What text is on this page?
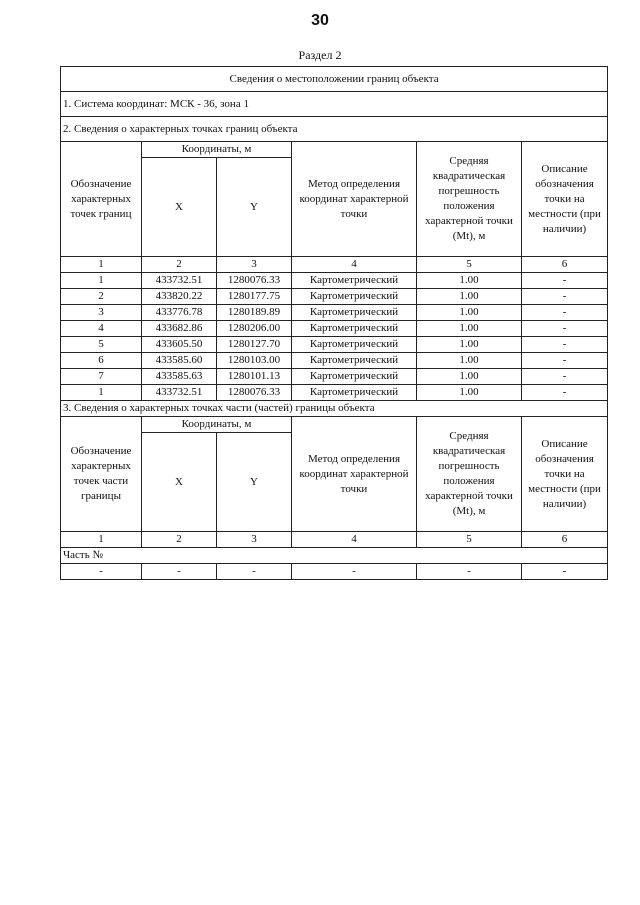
30
Раздел 2
Сведения о местоположении границ объекта					
1. Система координат: МСК - 36, зона 1					
2. Сведения о характерных точках границ объекта					
Обозначение характерных точек границ	Координаты, м		Метод определения координат характерной точки	Средняя квадратическая погрешность положения характерной точки (Mt), м	Описание обозначения точки на местности (при наличии)
	X	Y			
1	2	3	4	5	6
1	433732.51	1280076.33	Картометрический	1.00	-
2	433820.22	1280177.75	Картометрический	1.00	-
3	433776.78	1280189.89	Картометрический	1.00	-
4	433682.86	1280206.00	Картометрический	1.00	-
5	433605.50	1280127.70	Картометрический	1.00	-
6	433585.60	1280103.00	Картометрический	1.00	-
7	433585.63	1280101.13	Картометрический	1.00	-
1	433732.51	1280076.33	Картометрический	1.00	-
3. Сведения о характерных точках части (частей) границы объекта					
Обозначение характерных точек части границы	Координаты, м		Метод определения координат характерной точки	Средняя квадратическая погрешность положения характерной точки (Mt), м	Описание обозначения точки на местности (при наличии)
	X	Y			
1	2	3	4	5	6
Часть №					
-	-	-	-	-	-
